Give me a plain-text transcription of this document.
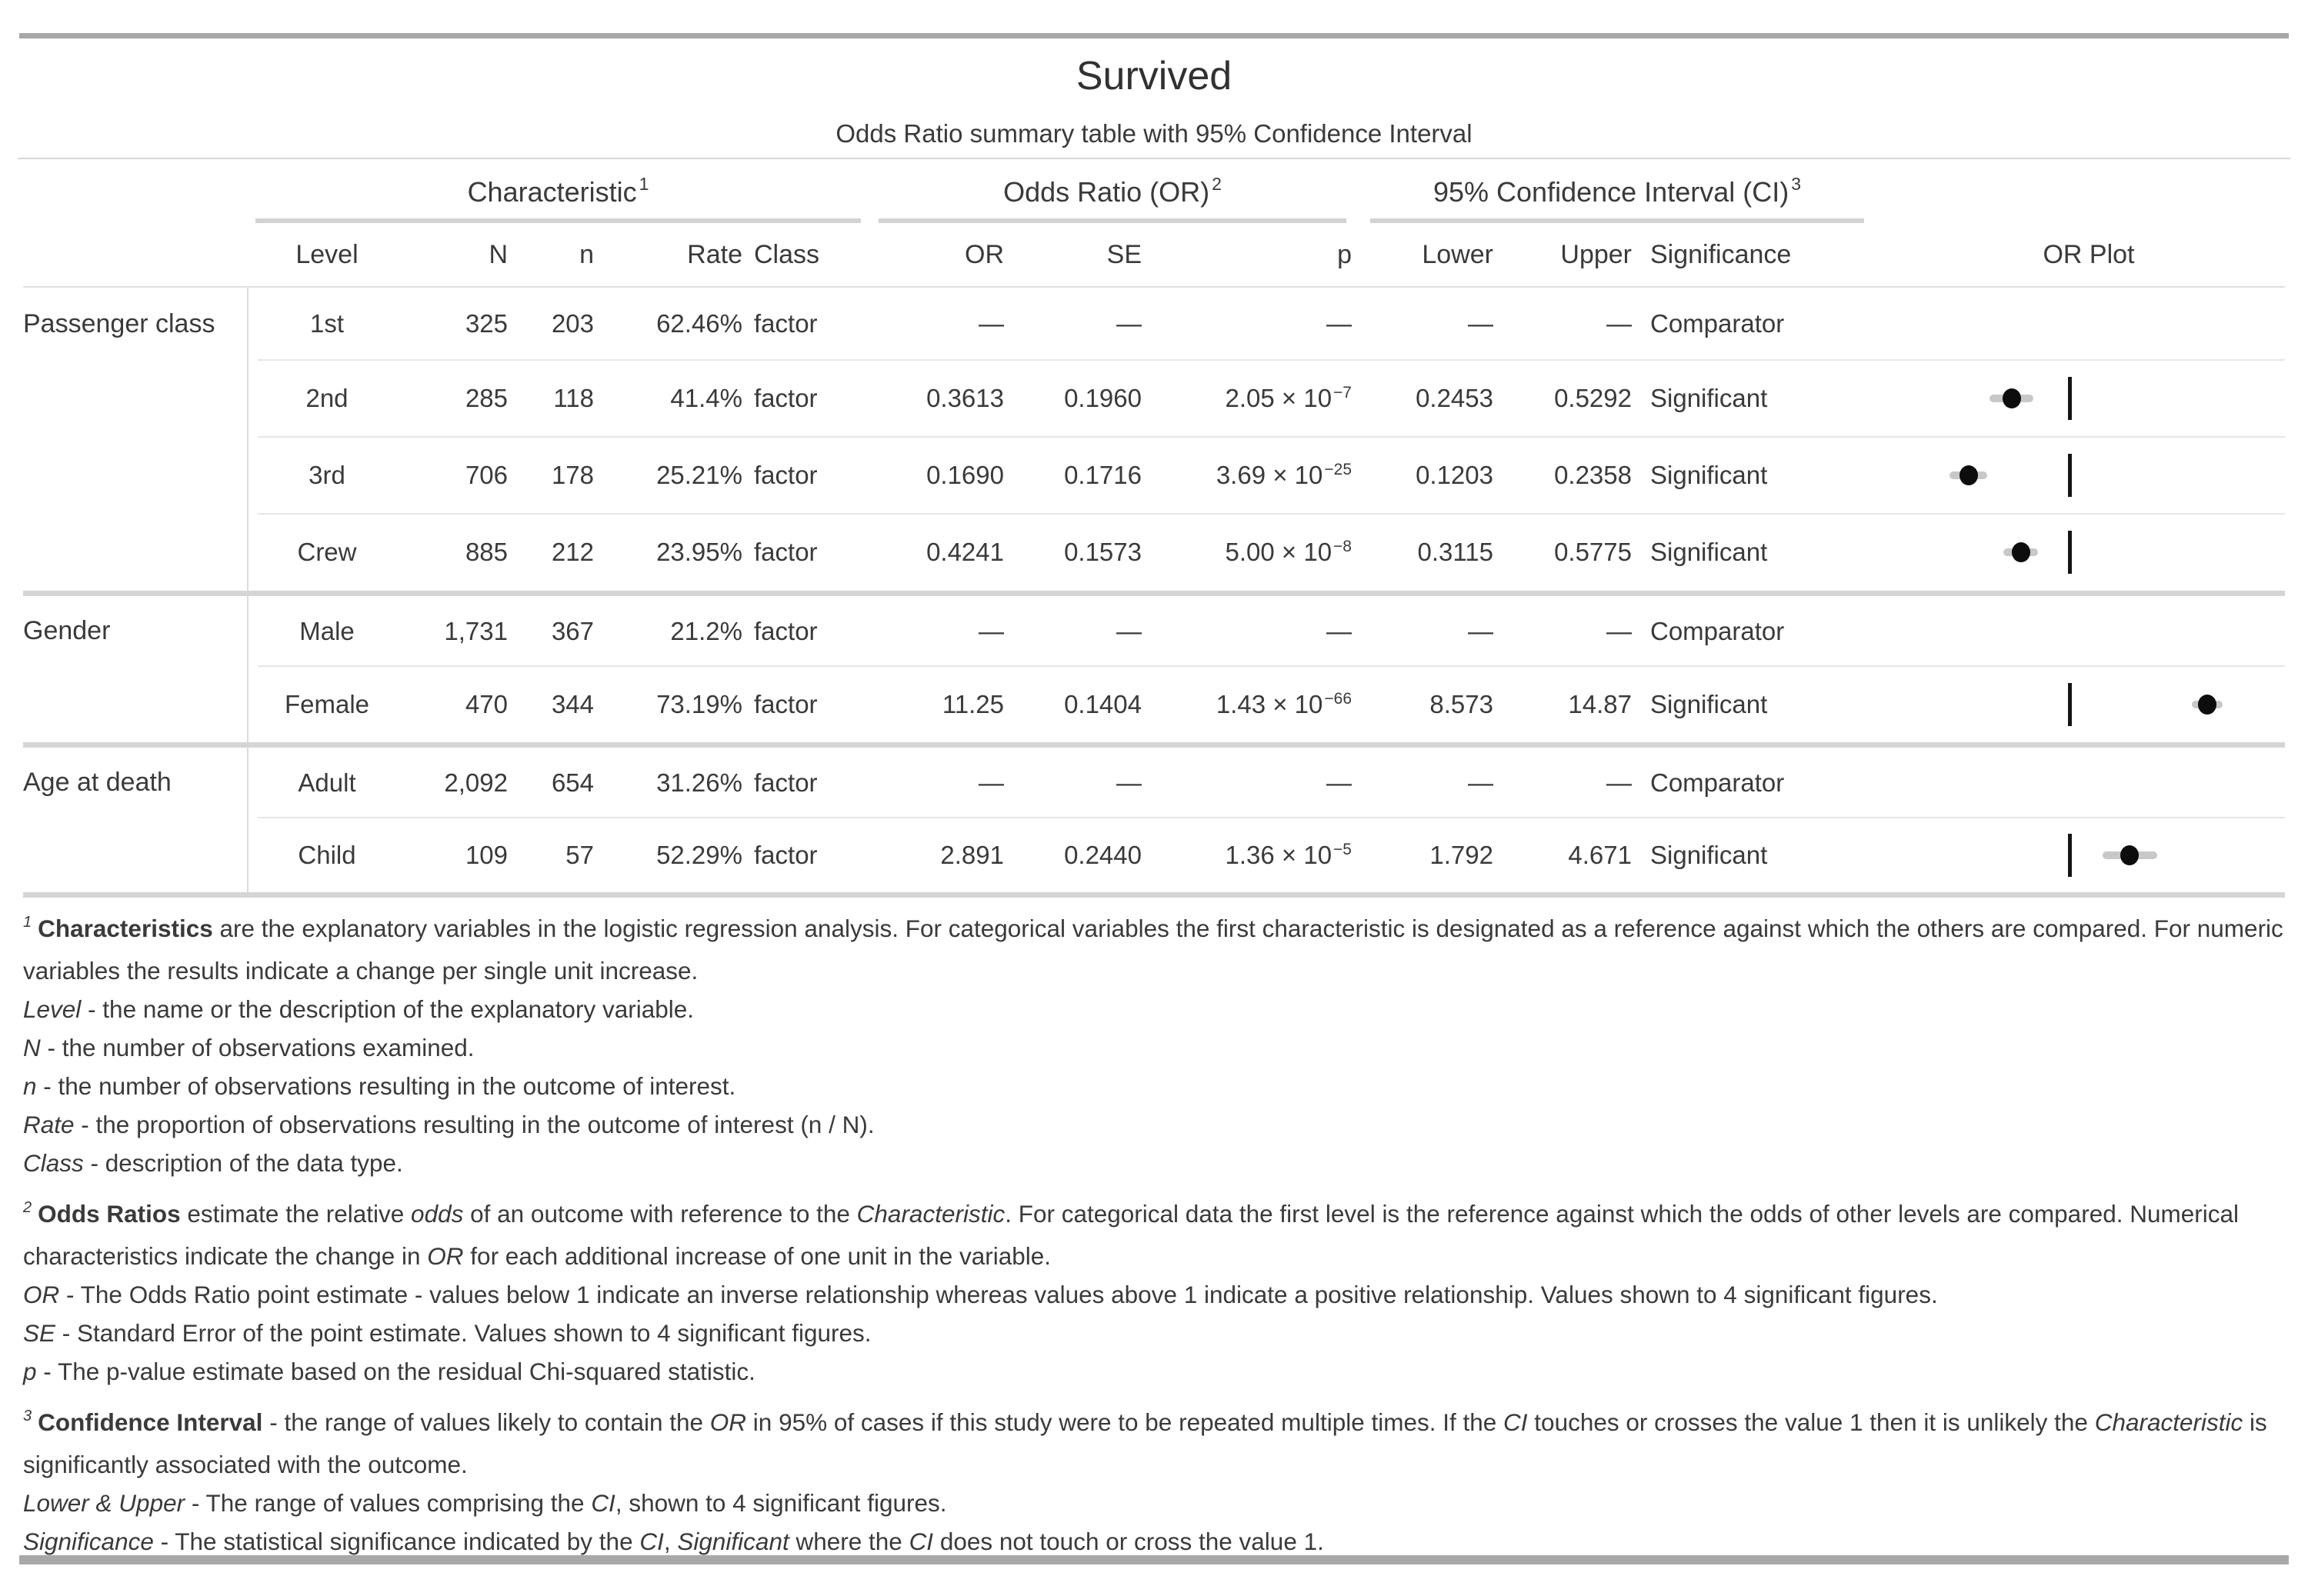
Survived
Odds Ratio summary table with 95% Confidence Interval
Characteristic $^1$	Odds Ratio (OR) $^2$	95% Confidence Interval (CI) $^3$
Level	N	n	Rate Class	OR	SE	p	Lower	Upper Significance	OR Plot
Passenger class	1st	325	203	62.46% factor	—	—	—	—	— Comparator
2nd	285	118	41.4% factor	0.3613	0.1960	$2.05 \times 10^{-7}$	0.2453	0.5292 Significant
3rd	706	178	25.21% factor	0.1690	0.1716	$3.69 \times 10^{-25}$	0.1203	0.2358 Significant
Crew	885	212	23.95% factor	0.4241	0.1573	$5.00 \times 10^{-8}$	0.3115	0.5775 Significant
Gender	Male	1,731	367	21.2% factor	—	—	—	—	— Comparator
Female	470	344	73.19% factor	11.25	0.1404	$1.43 \times 10^{-66}$	8.573	14.87 Significant
Age at death	Adult	2,092	654	31.26% factor	—	—	—	—	— Comparator
Child	109	57	52.29% factor	2.891	0.2440	$1.36 \times 10^{-5}$	1.792	4.671 Significant

$^1$ Characteristics are the explanatory variables in the logistic regression analysis. For categorical variables the first characteristic is designated as a reference against which the others are compared. For numeric variables the results indicate a change per single unit increase.

Level - the name or the description of the explanatory variable.

N - the number of observations examined.

n - the number of observations resulting in the outcome of interest.

Rate - the proportion of observations resulting in the outcome of interest (n / N).

Class - description of the data type.

$^2$ Odds Ratios estimate the relative odds of an outcome with reference to the Characteristic. For categorical data the first level is the reference against which the odds of other levels are compared. Numerical characteristics indicate the change in OR for each additional increase of one unit in the variable.

OR - The Odds Ratio point estimate - values below 1 indicate an inverse relationship whereas values above 1 indicate a positive relationship. Values shown to 4 significant figures.

SE - Standard Error of the point estimate. Values shown to 4 significant figures.

p - The p-value estimate based on the residual Chi-squared statistic.

$^3$ Confidence Interval - the range of values likely to contain the OR in 95% of cases if this study were to be repeated multiple times. If the CI touches or crosses the value 1 then it is unlikely the Characteristic is significantly associated with the outcome.

Lower & Upper - The range of values comprising the CI, shown to 4 significant figures.

Significance - The statistical significance indicated by the CI, Significant where the CI does not touch or cross the value 1.
